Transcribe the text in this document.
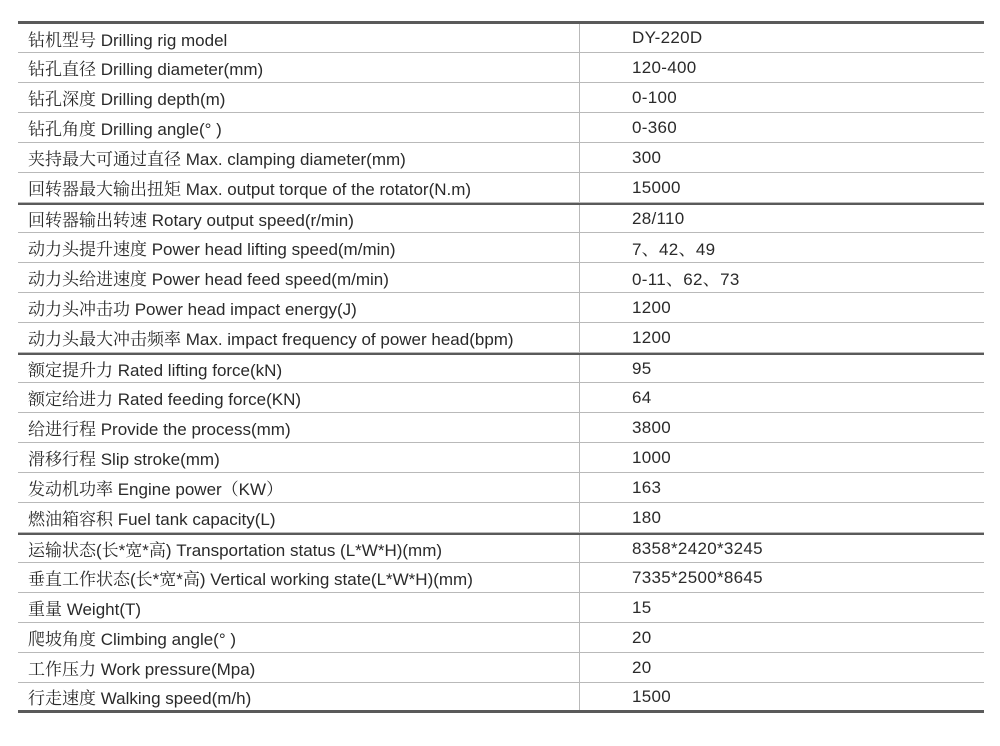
钻机型号 Drilling rig model	DY-220D
钻孔直径 Drilling diameter(mm)	120-400
钻孔深度 Drilling depth(m)	0-100
钻孔角度 Drilling angle(° )	0-360
夹持最大可通过直径 Max. clamping diameter(mm)	300
回转器最大输出扭矩 Max. output torque of the rotator(N.m)	15000
回转器输出转速 Rotary output speed(r/min)	28/110
动力头提升速度 Power head lifting speed(m/min)	7、42、49
动力头给进速度 Power head feed speed(m/min)	0-11、62、73
动力头冲击功 Power head impact energy(J)	1200
动力头最大冲击频率 Max. impact frequency of power head(bpm)	1200
额定提升力 Rated lifting force(kN)	95
额定给进力 Rated feeding force(KN)	64
给进行程 Provide the process(mm)	3800
滑移行程 Slip stroke(mm)	1000
发动机功率 Engine power（KW）	163
燃油箱容积 Fuel tank capacity(L)	180
运输状态(长*宽*高) Transportation status (L*W*H)(mm)	8358*2420*3245
垂直工作状态(长*宽*高) Vertical working state(L*W*H)(mm)	7335*2500*8645
重量 Weight(T)	15
爬坡角度 Climbing angle(° )	20
工作压力 Work pressure(Mpa)	20
行走速度 Walking speed(m/h)	1500
